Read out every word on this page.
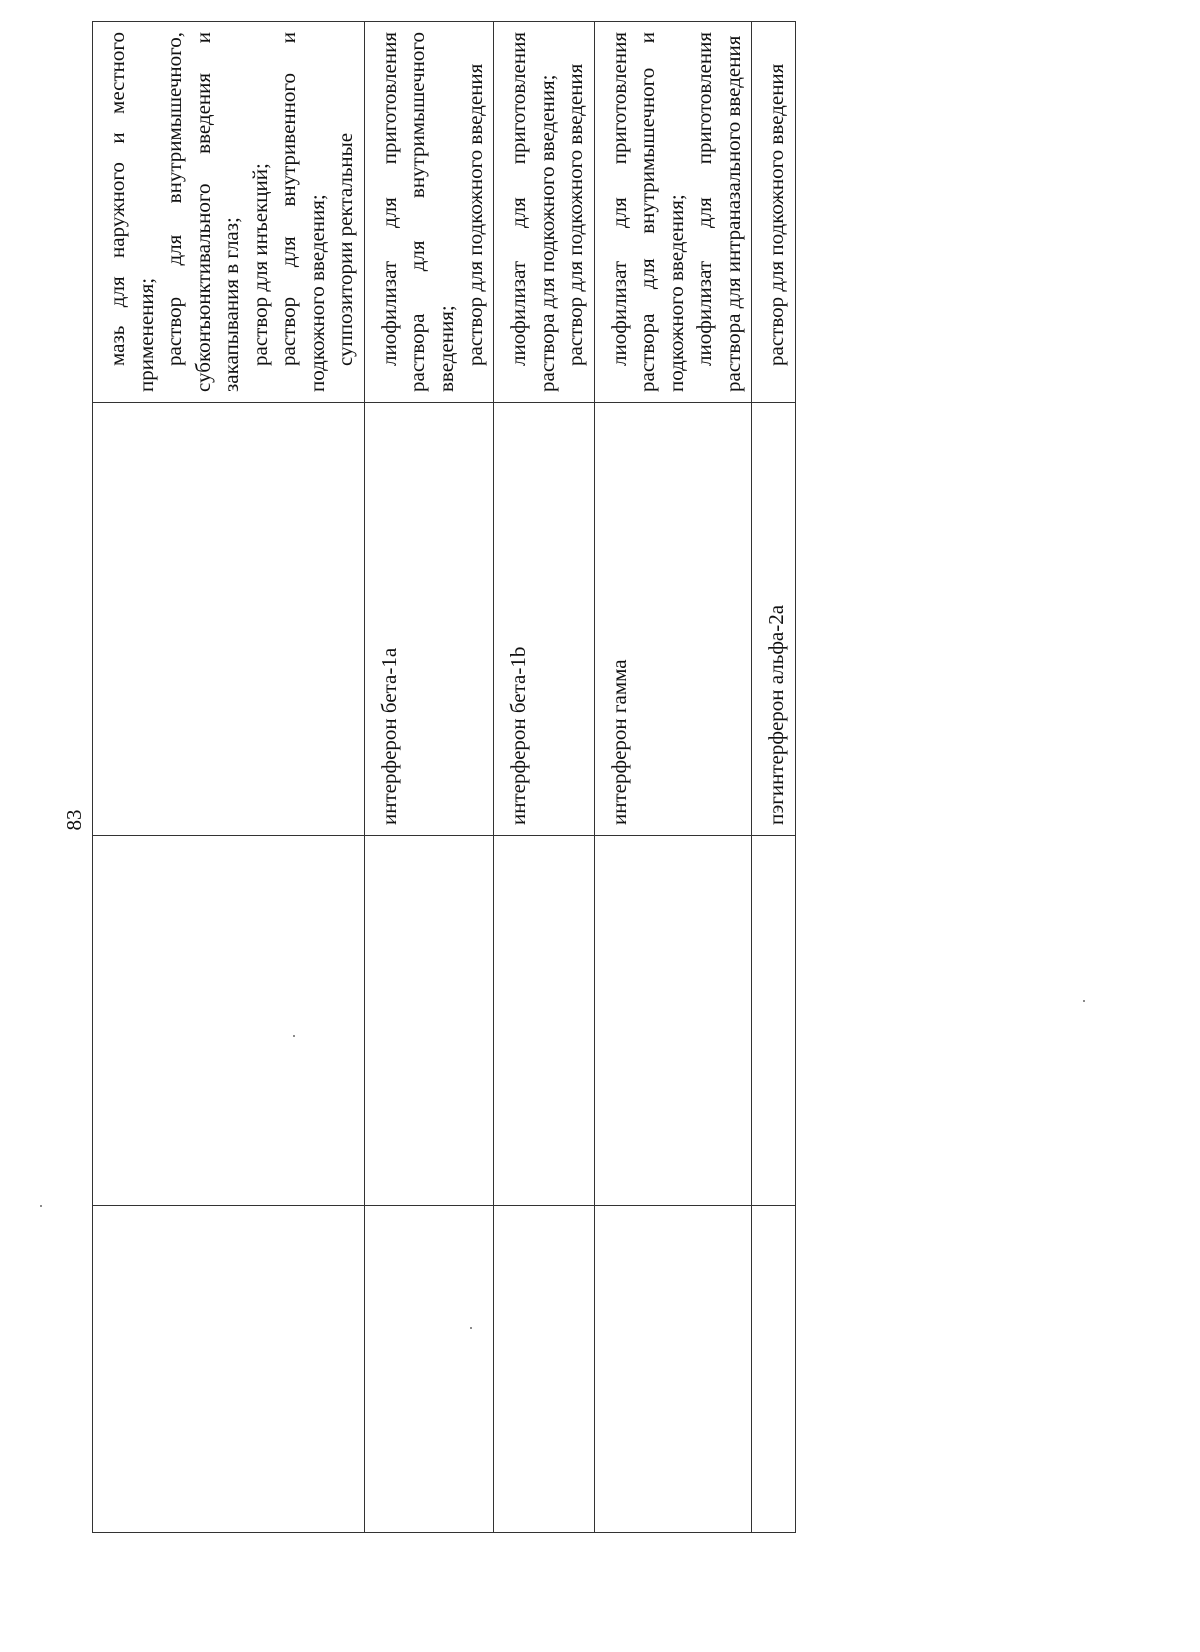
83

			мазь для наружного и местного применения; раствор для внутримышечного, субконъюнктивального введения и закапывания в глаз; раствор для инъекций; раствор для внутривенного и подкожного введения; суппозитории ректальные

		интерферон бета-1a	лиофилизат для приготовления раствора для внутримышечного введения; раствор для подкожного введения

		интерферон бета-1b	лиофилизат для приготовления раствора для подкожного введения; раствор для подкожного введения

		интерферон гамма	лиофилизат для приготовления раствора для внутримышечного и подкожного введения; лиофилизат для приготовления раствора для интраназального введения

		пэгинтерферон альфа-2a	раствор для подкожного введения
